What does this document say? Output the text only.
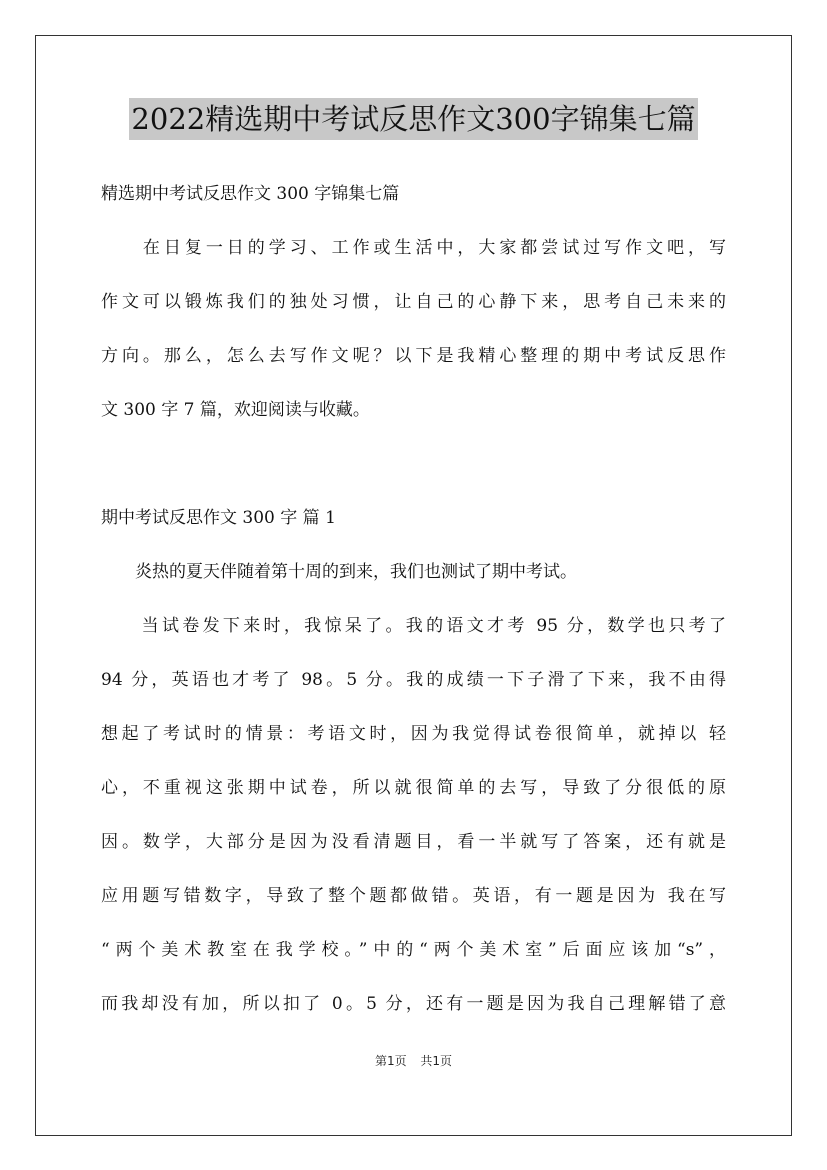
2022精选期中考试反思作文300字锦集七篇
精选期中考试反思作文 300 字锦集七篇
　　在日复一日的学习、工作或生活中，大家都尝试过写作文吧，写
作文可以锻炼我们的独处习惯，让自己的心静下来，思考自己未来的
方向。那么，怎么去写作文呢？以下是我精心整理的期中考试反思作
文 300 字 7 篇，欢迎阅读与收藏。
期中考试反思作文 300 字 篇 1
　　炎热的夏天伴随着第十周的到来，我们也测试了期中考试。
　　当试卷发下来时，我惊呆了。我的语文才考 95 分，数学也只考了
94 分，英语也才考了 98。5 分。我的成绩一下子滑了下来，我不由得
想起了考试时的情景：考语文时，因为我觉得试卷很简单，就掉以 轻
心，不重视这张期中试卷，所以就很简单的去写，导致了分很低的原
因。数学，大部分是因为没看清题目，看一半就写了答案，还有就是
应用题写错数字，导致了整个题都做错。英语，有一题是因为 我在写
“两个美术教室在我学校。”中的“两个美术室”后面应该加“s”，
而我却没有加，所以扣了 0。5 分，还有一题是因为我自己理解错了意
第1页 共1页
